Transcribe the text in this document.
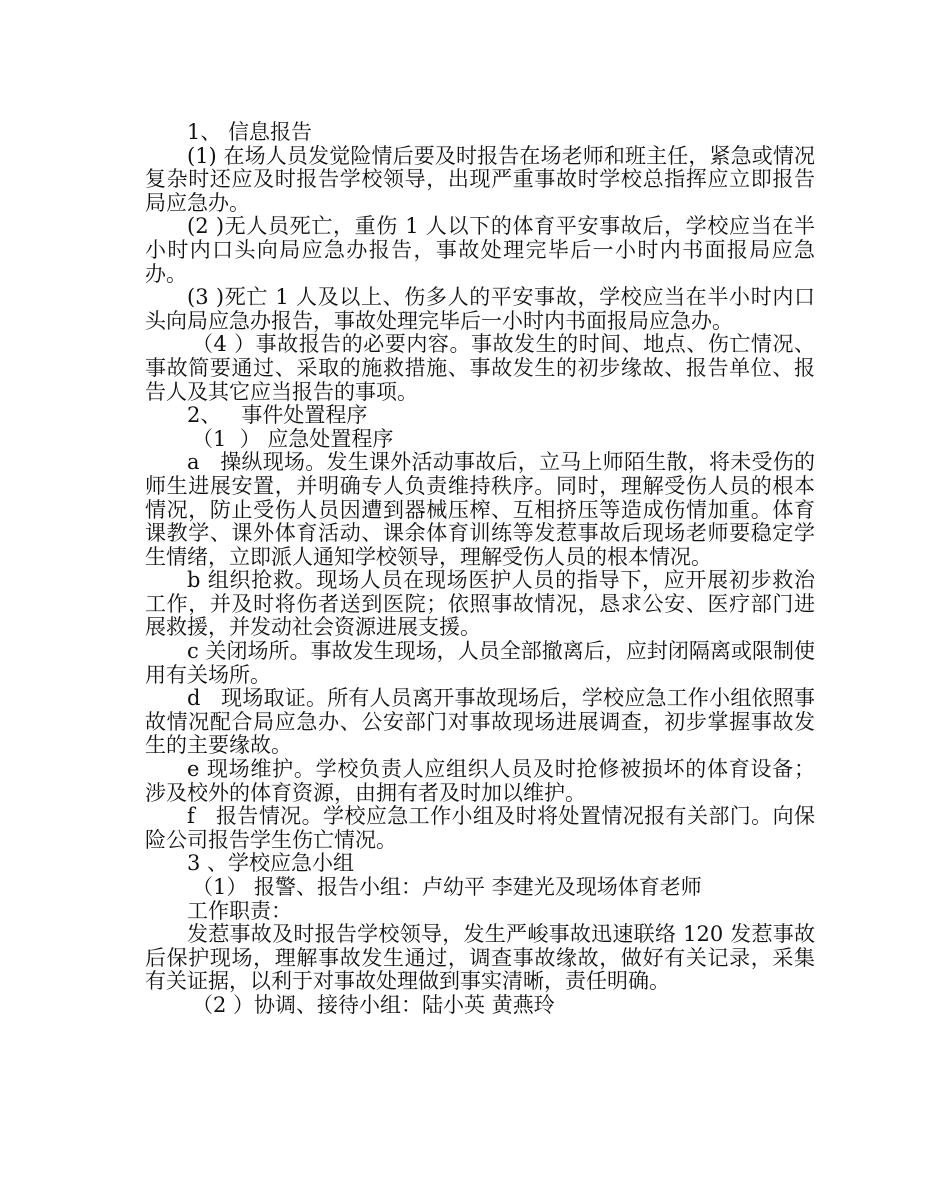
1、 信息报告

(1) 在场人员发觉险情后要及时报告在场老师和班主任，紧急或情况复杂时还应及时报告学校领导，出现严重事故时学校总指挥应立即报告局应急办。

(2 )无人员死亡，重伤 1 人以下的体育平安事故后，学校应当在半小时内口头向局应急办报告，事故处理完毕后一小时内书面报局应急办。

(3 )死亡 1 人及以上、伤多人的平安事故，学校应当在半小时内口头向局应急办报告，事故处理完毕后一小时内书面报局应急办。

（4 ）事故报告的必要内容。事故发生的时间、地点、伤亡情况、事故简要通过、采取的施救措施、事故发生的初步缘故、报告单位、报告人及其它应当报告的事项。

2、   事件处置程序

（1  ） 应急处置程序

a   操纵现场。发生课外活动事故后，立马上师陌生散，将未受伤的师生进展安置，并明确专人负责维持秩序。同时，理解受伤人员的根本情况，防止受伤人员因遭到器械压榨、互相挤压等造成伤情加重。体育课教学、课外体育活动、课余体育训练等发惹事故后现场老师要稳定学生情绪，立即派人通知学校领导，理解受伤人员的根本情况。

b 组织抢救。现场人员在现场医护人员的指导下，应开展初步救治工作，并及时将伤者送到医院；依照事故情况，恳求公安、医疗部门进展救援，并发动社会资源进展支援。

c 关闭场所。事故发生现场，人员全部撤离后，应封闭隔离或限制使用有关场所。

d   现场取证。所有人员离开事故现场后，学校应急工作小组依照事故情况配合局应急办、公安部门对事故现场进展调查，初步掌握事故发生的主要缘故。

e 现场维护。学校负责人应组织人员及时抢修被损坏的体育设备；涉及校外的体育资源，由拥有者及时加以维护。

f   报告情况。学校应急工作小组及时将处置情况报有关部门。向保险公司报告学生伤亡情况。

3 、学校应急小组

（1） 报警、报告小组：卢幼平 李建光及现场体育老师

工作职责：

发惹事故及时报告学校领导，发生严峻事故迅速联络 120 发惹事故后保护现场，理解事故发生通过，调查事故缘故，做好有关记录，采集有关证据，以利于对事故处理做到事实清晰，责任明确。

（2 ）协调、接待小组：陆小英 黄燕玲
